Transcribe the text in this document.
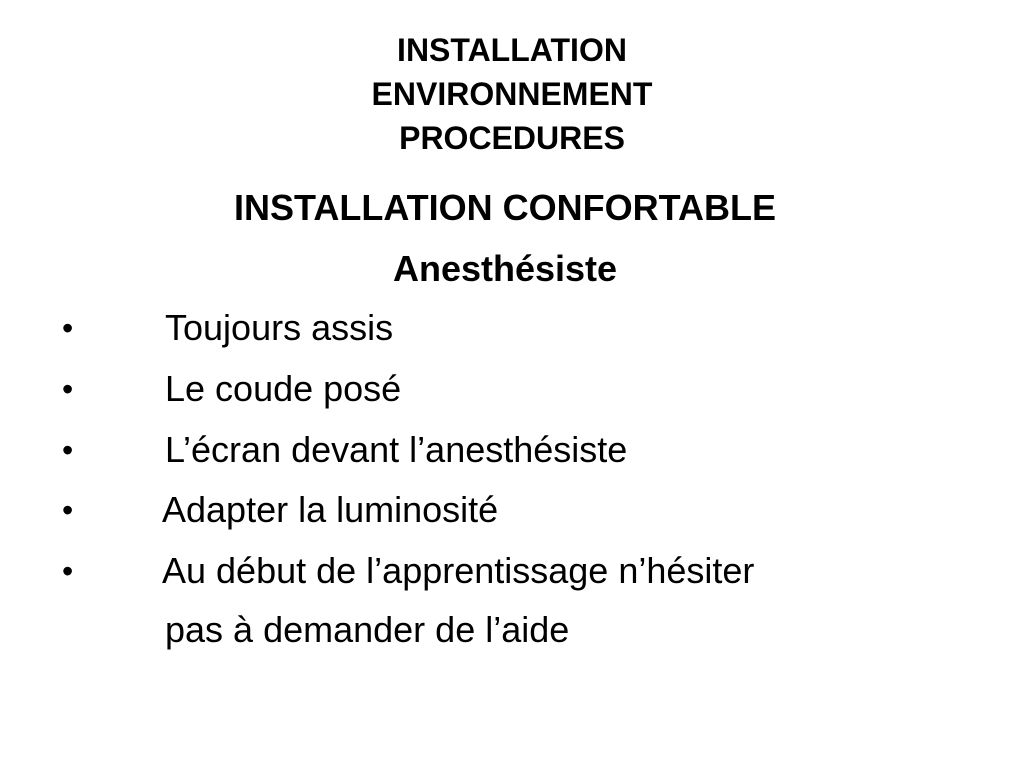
INSTALLATION
ENVIRONNEMENT
PROCEDURES
INSTALLATION CONFORTABLE
Anesthésiste
•	Toujours assis
•	Le coude posé
•	L’écran devant l’anesthésiste
• Adapter la luminosité
• Au début de l’apprentissage n’hésiter
pas à demander de l’aide
